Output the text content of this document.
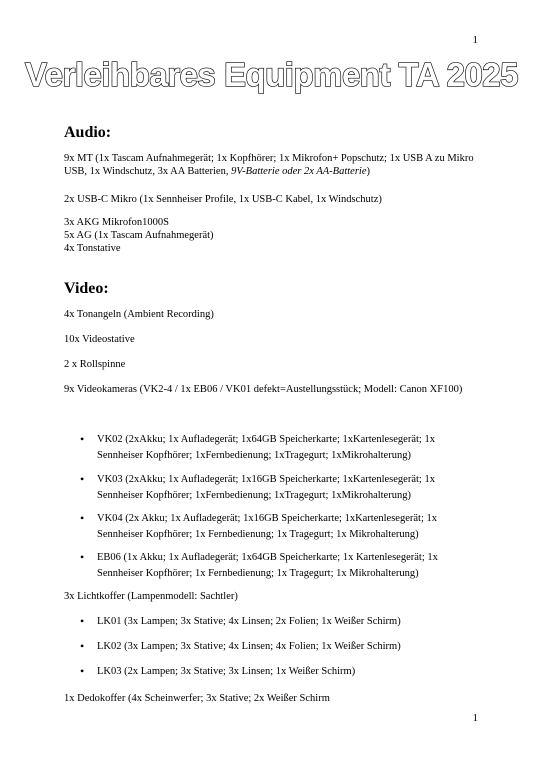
1
Verleihbares Equipment TA 2025
Audio:
9x MT (1x Tascam Aufnahmegerät; 1x Kopfhörer; 1x Mikrofon+ Popschutz; 1x USB A zu Mikro USB, 1x Windschutz, 3x AA Batterien, 9V-Batterie oder 2x AA-Batterie)
2x USB-C Mikro (1x Sennheiser Profile, 1x USB-C Kabel, 1x Windschutz)
3x AKG Mikrofon1000S
5x AG (1x Tascam Aufnahmegerät)
4x Tonstative
Video:
4x Tonangeln (Ambient Recording)
10x Videostative
2 x Rollspinne
9x Videokameras (VK2-4 / 1x EB06 / VK01 defekt=Austellungsstück; Modell: Canon XF100)
• VK02 (2xAkku; 1x Aufladegerät; 1x64GB Speicherkarte; 1xKartenlesegerät; 1x Sennheiser Kopfhörer; 1xFernbedienung; 1xTragegurt; 1xMikrohalterung)
• VK03 (2xAkku; 1x Aufladegerät; 1x16GB Speicherkarte; 1xKartenlesegerät; 1x Sennheiser Kopfhörer; 1xFernbedienung; 1xTragegurt; 1xMikrohalterung)
• VK04 (2x Akku; 1x Aufladegerät; 1x16GB Speicherkarte; 1xKartenlesegerät; 1x Sennheiser Kopfhörer; 1x Fernbedienung; 1x Tragegurt; 1x Mikrohalterung)
• EB06 (1x Akku; 1x Aufladegerät; 1x64GB Speicherkarte; 1x Kartenlesegerät; 1x Sennheiser Kopfhörer; 1x Fernbedienung; 1x Tragegurt; 1x Mikrohalterung)
3x Lichtkoffer (Lampenmodell: Sachtler)
• LK01 (3x Lampen; 3x Stative; 4x Linsen; 2x Folien; 1x Weißer Schirm)
• LK02 (3x Lampen; 3x Stative; 4x Linsen; 4x Folien; 1x Weißer Schirm)
• LK03 (2x Lampen; 3x Stative; 3x Linsen; 1x Weißer Schirm)
1x Dedokoffer (4x Scheinwerfer; 3x Stative; 2x Weißer Schirm
1
